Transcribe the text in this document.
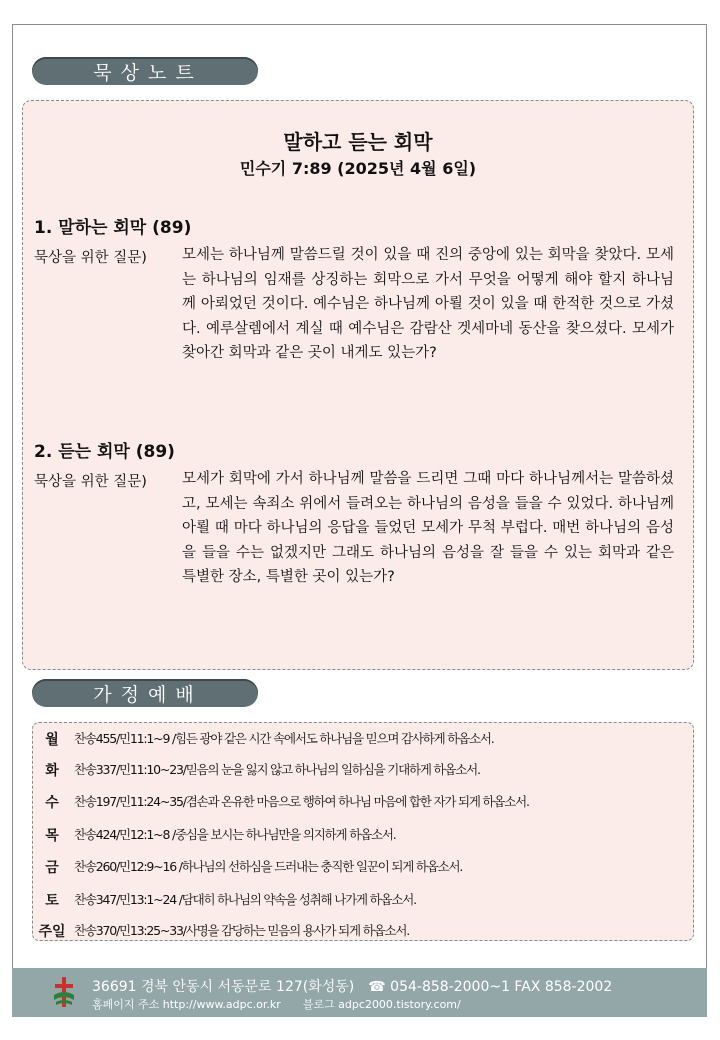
묵상노트
말하고 듣는 회막
민수기 7:89 (2025년 4월 6일)
1. 말하는 회막 (89)
묵상을 위한 질문) 모세는 하나님께 말씀드릴 것이 있을 때 진의 중앙에 있는 회막을 찾았다. 모세는 하나님의 임재를 상징하는 회막으로 가서 무엇을 어떻게 해야 할지 하나님께 아뢰었던 것이다. 예수님은 하나님께 아뢸 것이 있을 때 한적한 것으로 가셨다. 예루살렘에서 계실 때 예수님은 감람산 겟세마네 동산을 찾으셨다. 모세가 찾아간 회막과 같은 곳이 내게도 있는가?
2. 듣는 회막 (89)
묵상을 위한 질문) 모세가 회막에 가서 하나님께 말씀을 드리면 그때 마다 하나님께서는 말씀하셨고, 모세는 속죄소 위에서 들려오는 하나님의 음성을 들을 수 있었다. 하나님께 아뢸 때 마다 하나님의 응답을 들었던 모세가 무척 부럽다. 매번 하나님의 음성을 들을 수는 없겠지만 그래도 하나님의 음성을 잘 들을 수 있는 회막과 같은 특별한 장소, 특별한 곳이 있는가?
가정예배
월	찬송455/민11:1~9 /힘든 광야 같은 시간 속에서도 하나님을 믿으며 감사하게 하옵소서.
화	찬송337/민11:10~23/믿음의 눈을 잃지 않고 하나님의 일하심을 기대하게 하옵소서.
수	찬송197/민11:24~35/겸손과 온유한 마음으로 행하여 하나님 마음에 합한 자가 되게 하옵소서.
목	찬송424/민12:1~8 /중심을 보시는 하나님만을 의지하게 하옵소서.
금	찬송260/민12:9~16 /하나님의 선하심을 드러내는 충직한 일꾼이 되게 하옵소서.
토	찬송347/민13:1~24 /담대히 하나님의 약속을 성취해 나가게 하옵소서.
주일 찬송370/민13:25~33/사명을 감당하는 믿음의 용사가 되게 하옵소서.
36691 경북 안동시 서동문로 127(화성동) ☎ 054-858-2000~1 FAX 858-2002
홈페이지 주소 http://www.adpc.or.kr 블로그 adpc2000.tistory.com/
